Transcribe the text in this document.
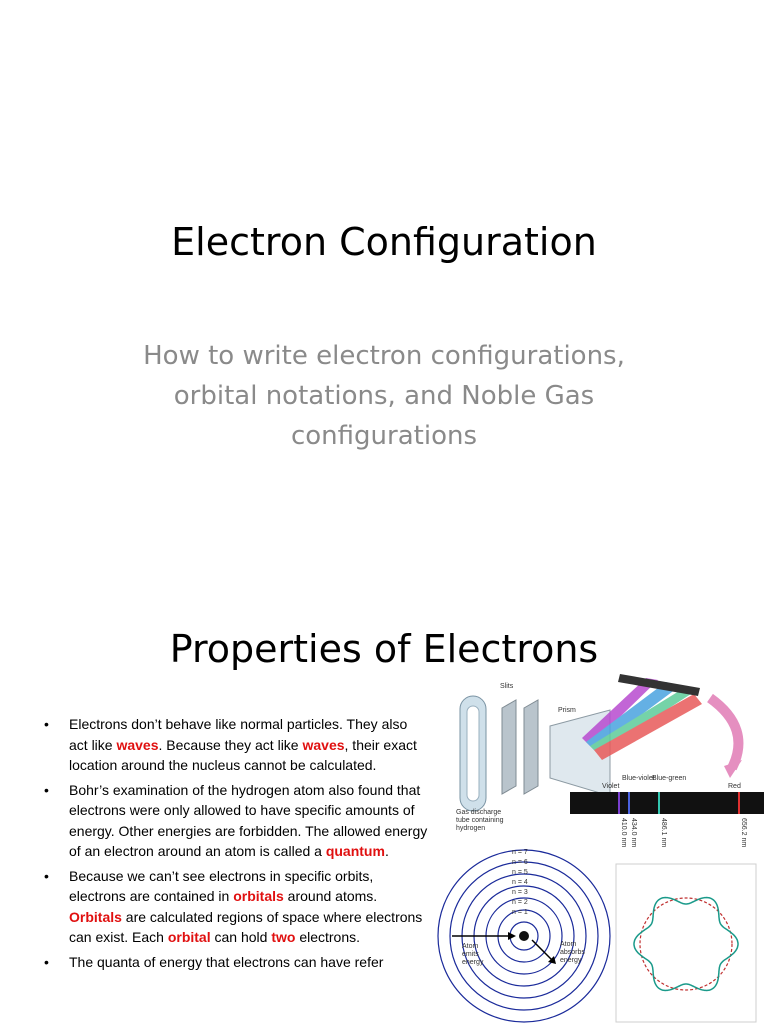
Electron Configuration
How to write electron configurations, orbital notations, and Noble Gas configurations
Properties of Electrons
• Electrons don’t behave like normal particles. They also act like waves. Because they act like waves, their exact location around the nucleus cannot be calculated.
• Bohr’s examination of the hydrogen atom also found that electrons were only allowed to have specific amounts of energy. Other energies are forbidden. The allowed energy of an electron around an atom is called a quantum.
• Because we can’t see electrons in specific orbits, electrons are contained in orbitals around atoms. Orbitals are calculated regions of space where electrons can exist. Each orbital can hold two electrons.
• The quanta of energy that electrons can have refer
Slits
Prism
Violet
Blue-violet
Blue-green
Red
410.0 nm 434.0 nm	486.1 nm	656.2 nm
Gas discharge
tube containing
hydrogen
n = 7
n = 6
n = 5
n = 4
n = 3
n = 2
n = 1
Atom
emits
energy
Atom
absorbs
energy
